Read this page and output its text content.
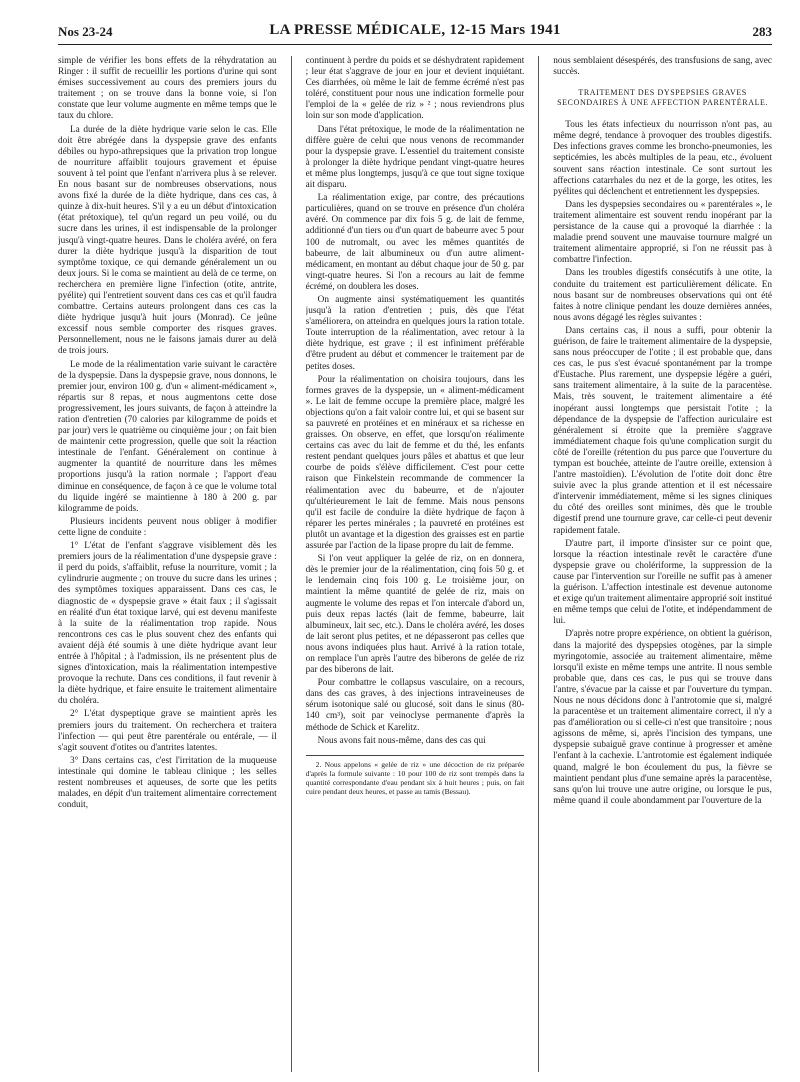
Nos 23-24	LA PRESSE MÉDICALE, 12-15 Mars 1941	283

simple de vérifier les bons effets de la réhydratation au Ringer : il suffit de recueillir les portions d'urine qui sont émises successivement au cours des premiers jours du traitement ; on se trouve dans la bonne voie, si l'on constate que leur volume augmente en même temps que le taux du chlore.

La durée de la diète hydrique varie selon le cas. Elle doit être abrégée dans la dyspepsie grave des enfants débiles ou hypo-athrepsiques que la privation trop longue de nourriture affaiblit toujours gravement et épuise souvent à tel point que l'enfant n'arrivera plus à se relever. En nous basant sur de nombreuses observations, nous avons fixé la durée de la diète hydrique, dans ces cas, à quinze à dix-huit heures. S'il y a eu un début d'intoxication (état prétoxique), tel qu'un regard un peu voilé, ou du sucre dans les urines, il est indispensable de la prolonger jusqu'à vingt-quatre heures. Dans le choléra avéré, on fera durer la diète hydrique jusqu'à la disparition de tout symptôme toxique, ce qui demande généralement un ou deux jours. Si le coma se maintient au delà de ce terme, on recherchera en première ligne l'infection (otite, antrite, pyélite) qui l'entretient souvent dans ces cas et qu'il faudra combattre. Certains auteurs prolongent dans ces cas la diète hydrique jusqu'à huit jours (Monrad). Ce jeûne excessif nous semble comporter des risques graves. Personnellement, nous ne le faisons jamais durer au delà de trois jours.

Le mode de la réalimentation varie suivant le caractère de la dyspepsie. Dans la dyspepsie grave, nous donnons, le premier jour, environ 100 g. d'un « aliment-médicament », répartis sur 8 repas, et nous augmentons cette dose progressivement, les jours suivants, de façon à atteindre la ration d'entretien (70 calories par kilogramme de poids et par jour) vers le quatrième ou cinquième jour ; on fait bien de maintenir cette progression, quelle que soit la réaction intestinale de l'enfant. Généralement on continue à augmenter la quantité de nourriture dans les mêmes proportions jusqu'à la ration normale ; l'apport d'eau diminue en conséquence, de façon à ce que le volume total du liquide ingéré se maintienne à 180 à 200 g. par kilogramme de poids.

Plusieurs incidents peuvent nous obliger à modifier cette ligne de conduite :

1° L'état de l'enfant s'aggrave visiblement dès les premiers jours de la réalimentation d'une dyspepsie grave : il perd du poids, s'affaiblit, refuse la nourriture, vomit ; la cylindrurie augmente ; on trouve du sucre dans les urines ; des symptômes toxiques apparaissent. Dans ces cas, le diagnostic de « dyspepsie grave » était faux ; il s'agissait en réalité d'un état toxique larvé, qui est devenu manifeste à la suite de la réalimentation trop rapide. Nous rencontrons ces cas le plus souvent chez des enfants qui avaient déjà été soumis à une diète hydrique avant leur entrée à l'hôpital ; à l'admission, ils ne présentent plus de signes d'intoxication, mais la réalimentation intempestive provoque la rechute. Dans ces conditions, il faut revenir à la diète hydrique, et faire ensuite le traitement alimentaire du choléra.

2° L'état dyspeptique grave se maintient après les premiers jours du traitement. On recherchera et traitera l'infection — qui peut être parentérale ou entérale, — il s'agit souvent d'otites ou d'antrites latentes.

3° Dans certains cas, c'est l'irritation de la muqueuse intestinale qui domine le tableau clinique ; les selles restent nombreuses et aqueuses, de sorte que les petits malades, en dépit d'un traitement alimentaire correctement conduit,

continuent à perdre du poids et se déshydratent rapidement ; leur état s'aggrave de jour en jour et devient inquiétant. Ces diarrhées, où même le lait de femme écrémé n'est pas toléré, constituent pour nous une indication formelle pour l'emploi de la « gelée de riz » ² ; nous reviendrons plus loin sur son mode d'application.

Dans l'état prétoxique, le mode de la réalimentation ne diffère guère de celui que nous venons de recommander pour la dyspepsie grave. L'essentiel du traitement consiste à prolonger la diète hydrique pendant vingt-quatre heures et même plus longtemps, jusqu'à ce que tout signe toxique ait disparu.

La réalimentation exige, par contre, des précautions particulières, quand on se trouve en présence d'un choléra avéré. On commence par dix fois 5 g. de lait de femme, additionné d'un tiers ou d'un quart de babeurre avec 5 pour 100 de nutromalt, ou avec les mêmes quantités de babeurre, de lait albumineux ou d'un autre aliment-médicament, en montant au début chaque jour de 50 g. par vingt-quatre heures. Si l'on a recours au lait de femme écrémé, on doublera les doses.

On augmente ainsi systématiquement les quantités jusqu'à la ration d'entretien ; puis, dès que l'état s'améliorera, on atteindra en quelques jours la ration totale. Toute interruption de la réalimentation, avec retour à la diète hydrique, est grave ; il est infiniment préférable d'être prudent au début et commencer le traitement par de petites doses.

Pour la réalimentation on choisira toujours, dans les formes graves de la dyspepsie, un « aliment-médicament ». Le lait de femme occupe la première place, malgré les objections qu'on a fait valoir contre lui, et qui se basent sur sa pauvreté en protéines et en minéraux et sa richesse en graisses. On observe, en effet, que lorsqu'on réalimente certains cas avec du lait de femme et du thé, les enfants restent pendant quelques jours pâles et abattus et que leur courbe de poids s'élève difficilement. C'est pour cette raison que Finkelstein recommande de commencer la réalimentation avec du babeurre, et de n'ajouter qu'ultérieurement le lait de femme. Mais nous pensons qu'il est facile de conduire la diète hydrique de façon à réparer les pertes minérales ; la pauvreté en protéines est plutôt un avantage et la digestion des graisses est en partie assurée par l'action de la lipase propre du lait de femme.

Si l'on veut appliquer la gelée de riz, on en donnera, dès le premier jour de la réalimentation, cinq fois 50 g. et le lendemain cinq fois 100 g. Le troisième jour, on maintient la même quantité de gelée de riz, mais on augmente le volume des repas et l'on intercale d'abord un, puis deux repas lactés (lait de femme, babeurre, lait albumineux, lait sec, etc.). Dans le choléra avéré, les doses de lait seront plus petites, et ne dépasseront pas celles que nous avons indiquées plus haut. Arrivé à la ration totale, on remplace l'un après l'autre des biberons de gelée de riz par des biberons de lait.

Pour combattre le collapsus vasculaire, on a recours, dans des cas graves, à des injections intraveineuses de sérum isotonique salé ou glucosé, soit dans le sinus (80-140 cm³), soit par veinoclyse permanente d'après la méthode de Schick et Karelitz.

Nous avons fait nous-même, dans des cas qui

2. Nous appelons « gelée de riz » une décoction de riz préparée d'après la formule suivante : 10 pour 100 de riz sont trempés dans la quantité correspondante d'eau pendant six à huit heures ; puis, on fait cuire pendant deux heures, et passe au tamis (Bessau).

nous semblaient désespérés, des transfusions de sang, avec succès.

TRAITEMENT DES DYSPEPSIES GRAVES SECONDAIRES À UNE AFFECTION PARENTÉRALE.

Tous les états infectieux du nourrisson n'ont pas, au même degré, tendance à provoquer des troubles digestifs. Des infections graves comme les broncho-pneumonies, les septicémies, les abcès multiples de la peau, etc., évoluent souvent sans réaction intestinale. Ce sont surtout les affections catarrhales du nez et de la gorge, les otites, les pyélites qui déclenchent et entretiennent les dyspepsies.

Dans les dyspepsies secondaires ou « parentérales », le traitement alimentaire est souvent rendu inopérant par la persistance de la cause qui a provoqué la diarrhée : la maladie prend souvent une mauvaise tournure malgré un traitement alimentaire approprié, si l'on ne réussit pas à combattre l'infection.

Dans les troubles digestifs consécutifs à une otite, la conduite du traitement est particulièrement délicate. En nous basant sur de nombreuses observations qui ont été faites à notre clinique pendant les douze dernières années, nous avons dégagé les règles suivantes :

Dans certains cas, il nous a suffi, pour obtenir la guérison, de faire le traitement alimentaire de la dyspepsie, sans nous préoccuper de l'otite ; il est probable que, dans ces cas, le pus s'est évacué spontanément par la trompe d'Eustache. Plus rarement, une dyspepsie légère a guéri, sans traitement alimentaire, à la suite de la paracentèse. Mais, très souvent, le traitement alimentaire a été inopérant aussi longtemps que persistait l'otite ; la dépendance de la dyspepsie de l'affection auriculaire est généralement si étroite que la première s'aggrave immédiatement chaque fois qu'une complication surgit du côté de l'oreille (rétention du pus parce que l'ouverture du tympan est bouchée, atteinte de l'autre oreille, extension à l'antre mastoïdien). L'évolution de l'otite doit donc être suivie avec la plus grande attention et il est nécessaire d'intervenir immédiatement, même si les signes cliniques du côté des oreilles sont minimes, dès que le trouble digestif prend une tournure grave, car celle-ci peut devenir rapidement fatale.

D'autre part, il importe d'insister sur ce point que, lorsque la réaction intestinale revêt le caractère d'une dyspepsie grave ou cholériforme, la suppression de la cause par l'intervention sur l'oreille ne suffit pas à amener la guérison. L'affection intestinale est devenue autonome et exige qu'un traitement alimentaire approprié soit institué en même temps que celui de l'otite, et indépendamment de lui.

D'après notre propre expérience, on obtient la guérison, dans la majorité des dyspepsies otogènes, par la simple myringotomie, associée au traitement alimentaire, même lorsqu'il existe en même temps une antrite. Il nous semble probable que, dans ces cas, le pus qui se trouve dans l'antre, s'évacue par la caisse et par l'ouverture du tympan. Nous ne nous décidons donc à l'antrotomie que si, malgré la paracentèse et un traitement alimentaire correct, il n'y a pas d'amélioration ou si celle-ci n'est que transitoire ; nous agissons de même, si, après l'incision des tympans, une dyspepsie subaiguë grave continue à progresser et amène l'enfant à la cachexie. L'antrotomie est également indiquée quand, malgré le bon écoulement du pus, la fièvre se maintient pendant plus d'une semaine après la paracentèse, sans qu'on lui trouve une autre origine, ou lorsque le pus, même quand il coule abondamment par l'ouverture de la
